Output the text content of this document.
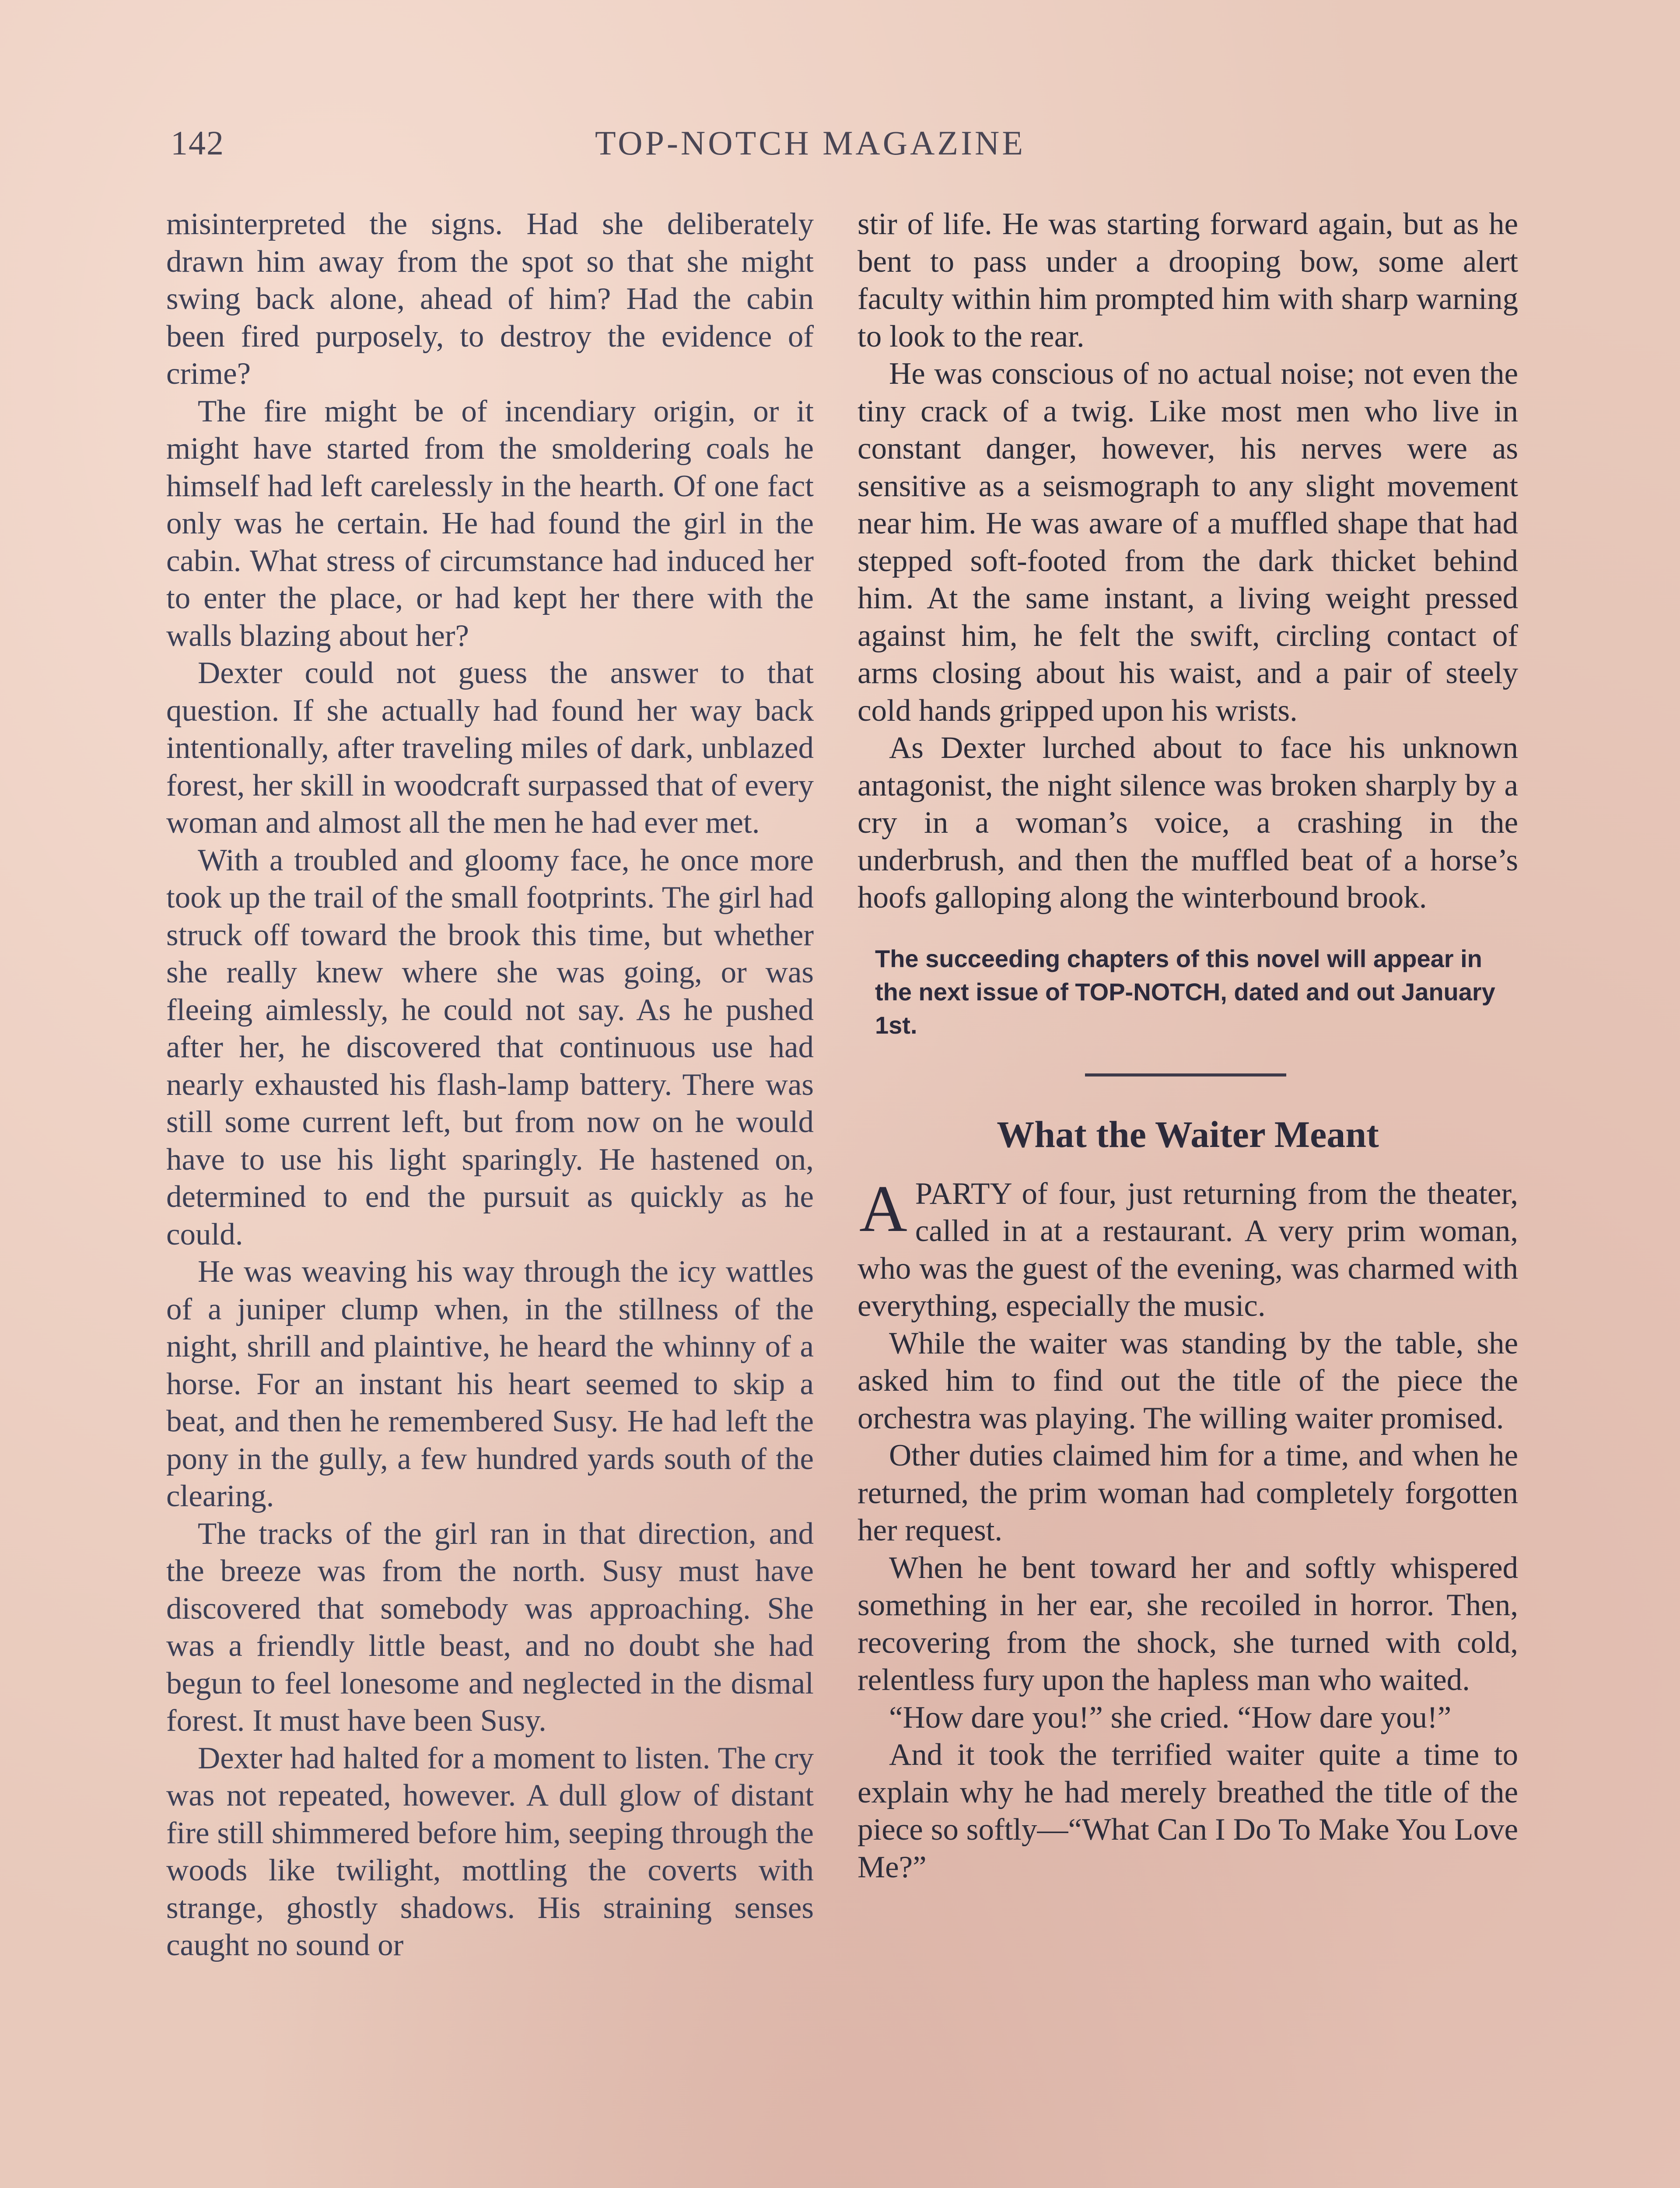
142	TOP-NOTCH MAGAZINE

misinterpreted the signs. Had she deliberately drawn him away from the spot so that she might swing back alone, ahead of him? Had the cabin been fired purposely, to destroy the evidence of crime?

The fire might be of incendiary origin, or it might have started from the smoldering coals he himself had left carelessly in the hearth. Of one fact only was he certain. He had found the girl in the cabin. What stress of circumstance had induced her to enter the place, or had kept her there with the walls blazing about her?

Dexter could not guess the answer to that question. If she actually had found her way back intentionally, after traveling miles of dark, unblazed forest, her skill in woodcraft surpassed that of every woman and almost all the men he had ever met.

With a troubled and gloomy face, he once more took up the trail of the small footprints. The girl had struck off toward the brook this time, but whether she really knew where she was going, or was fleeing aimlessly, he could not say. As he pushed after her, he discovered that continuous use had nearly exhausted his flash-lamp battery. There was still some current left, but from now on he would have to use his light sparingly. He hastened on, determined to end the pursuit as quickly as he could.

He was weaving his way through the icy wattles of a juniper clump when, in the stillness of the night, shrill and plaintive, he heard the whinny of a horse. For an instant his heart seemed to skip a beat, and then he remembered Susy. He had left the pony in the gully, a few hundred yards south of the clearing.

The tracks of the girl ran in that direction, and the breeze was from the north. Susy must have discovered that somebody was approaching. She was a friendly little beast, and no doubt she had begun to feel lonesome and neglected in the dismal forest. It must have been Susy.

Dexter had halted for a moment to listen. The cry was not repeated, however. A dull glow of distant fire still shimmered before him, seeping through the woods like twilight, mottling the coverts with strange, ghostly shadows. His straining senses caught no sound or

stir of life. He was starting forward again, but as he bent to pass under a drooping bow, some alert faculty within him prompted him with sharp warning to look to the rear.

He was conscious of no actual noise; not even the tiny crack of a twig. Like most men who live in constant danger, however, his nerves were as sensitive as a seismograph to any slight movement near him. He was aware of a muffled shape that had stepped soft-footed from the dark thicket behind him. At the same instant, a living weight pressed against him, he felt the swift, circling contact of arms closing about his waist, and a pair of steely cold hands gripped upon his wrists.

As Dexter lurched about to face his unknown antagonist, the night silence was broken sharply by a cry in a woman’s voice, a crashing in the underbrush, and then the muffled beat of a horse’s hoofs galloping along the winterbound brook.

The succeeding chapters of this novel will appear in the next issue of TOP-NOTCH, dated and out January 1st.
What the Waiter Meant

APARTY of four, just returning from the theater, called in at a restaurant. A very prim woman, who was the guest of the evening, was charmed with everything, especially the music.

While the waiter was standing by the table, she asked him to find out the title of the piece the orchestra was playing. The willing waiter promised.

Other duties claimed him for a time, and when he returned, the prim woman had completely forgotten her request.

When he bent toward her and softly whispered something in her ear, she recoiled in horror. Then, recovering from the shock, she turned with cold, relentless fury upon the hapless man who waited.

“How dare you!” she cried. “How dare you!”

And it took the terrified waiter quite a time to explain why he had merely breathed the title of the piece so softly—“What Can I Do To Make You Love Me?”
